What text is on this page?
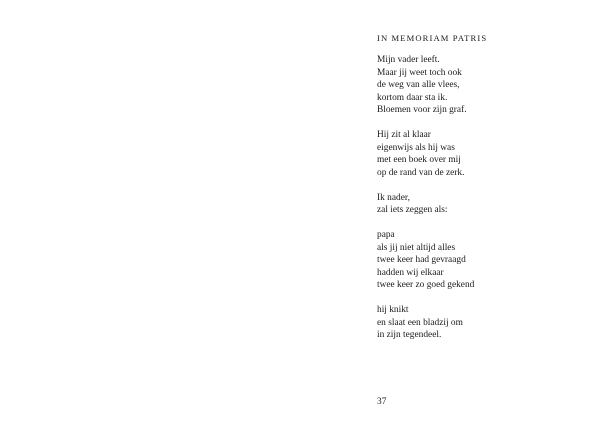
IN MEMORIAM PATRIS
Mijn vader leeft.
Maar jij weet toch ook
de weg van alle vlees,
kortom daar sta ik.
Bloemen voor zijn graf.
Hij zit al klaar
eigenwijs als hij was
met een boek over mij
op de rand van de zerk.
Ik nader,
zal iets zeggen als:
papa
als jij niet altijd alles
twee keer had gevraagd
hadden wij elkaar
twee keer zo goed gekend
hij knikt
en slaat een bladzij om
in zijn tegendeel.
37
